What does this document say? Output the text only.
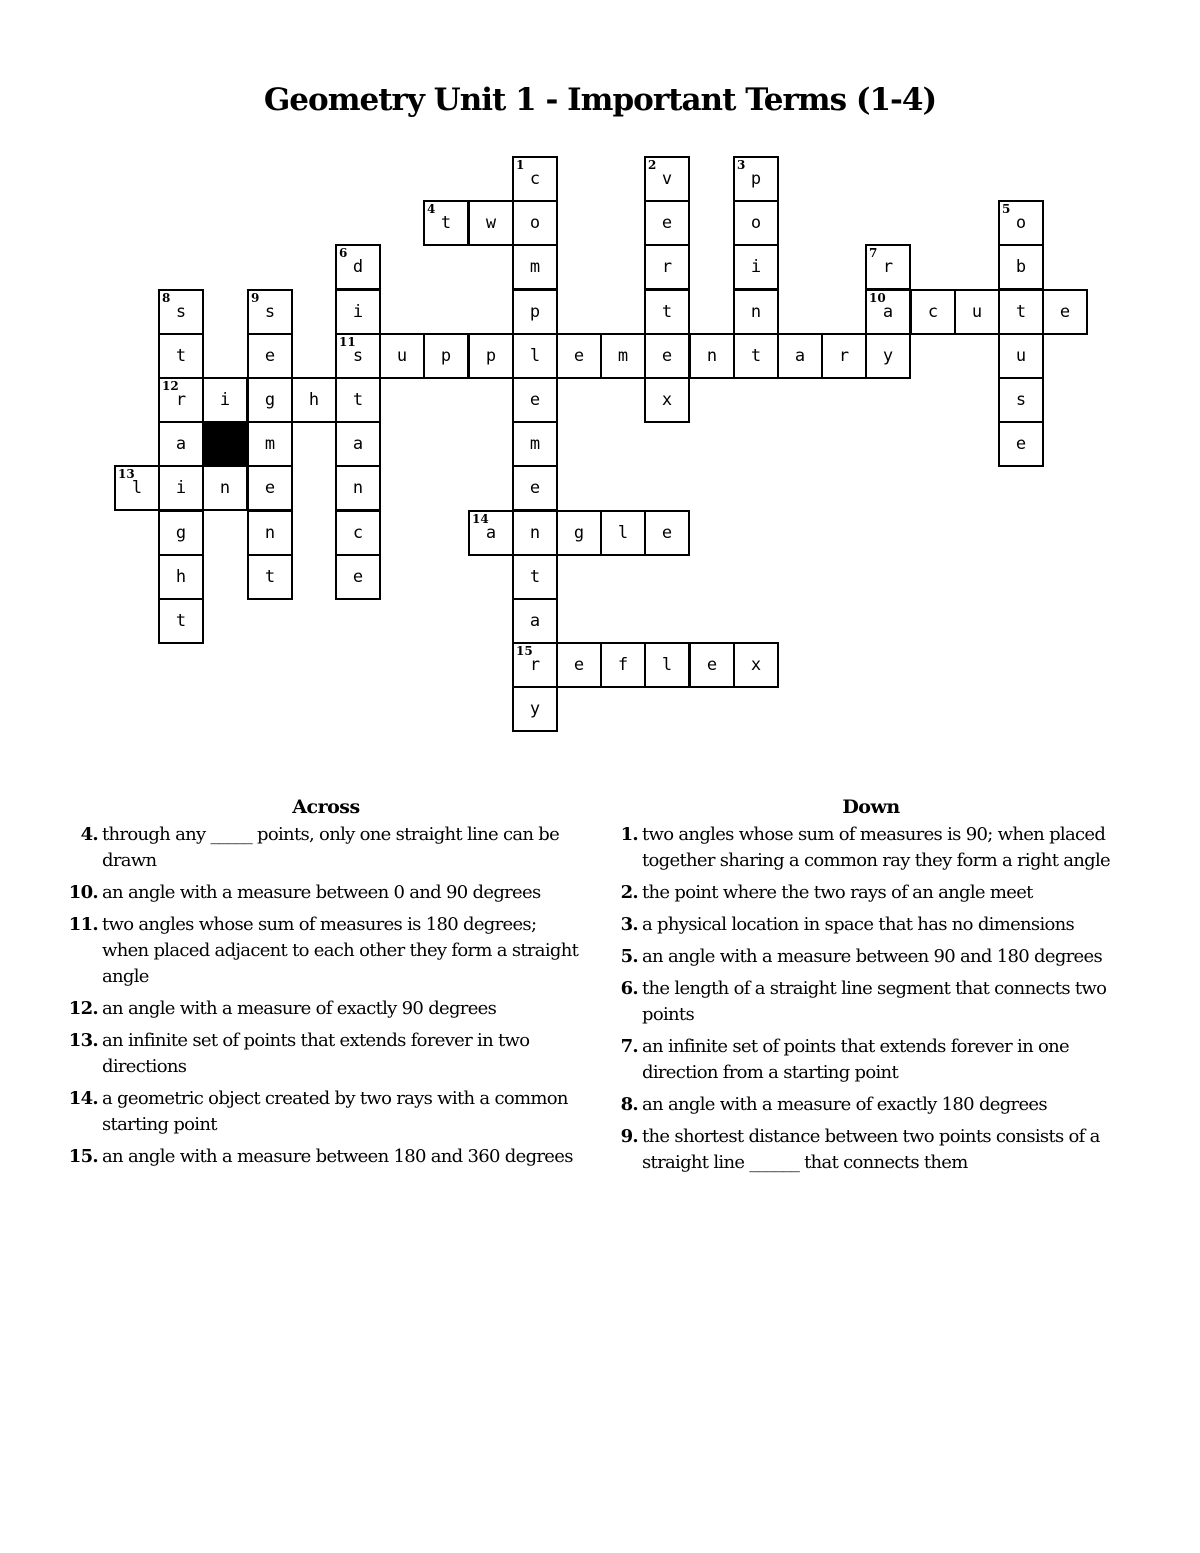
Geometry Unit 1 - Important Terms (1-4)
1
c
2
v
3
p
4
t	w	o	e	o
5
o
6
d	m	r	i
7
r	b
8
s
9
s	i	p	t	n
10
a	c	u	t	e
t	e
11
s	u	p	p	l	e	m	e	n	t	a	r	y	u
12
r	i	g	h	t	e	x	s
a	m	a	m	e
13
l	i	n	e	n	e
g	n	c
14
a	n	g	l	e
h	t	e	t
t	a
15
r	e	f	l	e	x
y
Across
4. through any _____ points, only one straight line can be drawn
10. an angle with a measure between 0 and 90 degrees
11. two angles whose sum of measures is 180 degrees; when placed adjacent to each other they form a straight angle
12. an angle with a measure of exactly 90 degrees
13. an infinite set of points that extends forever in two directions
14. a geometric object created by two rays with a common starting point
15. an angle with a measure between 180 and 360 degrees
Down
1. two angles whose sum of measures is 90; when placed together sharing a common ray they form a right angle
2. the point where the two rays of an angle meet
3. a physical location in space that has no dimensions
5. an angle with a measure between 90 and 180 degrees
6. the length of a straight line segment that connects two points
7. an infinite set of points that extends forever in one direction from a starting point
8. an angle with a measure of exactly 180 degrees
9. the shortest distance between two points consists of a straight line ______ that connects them
